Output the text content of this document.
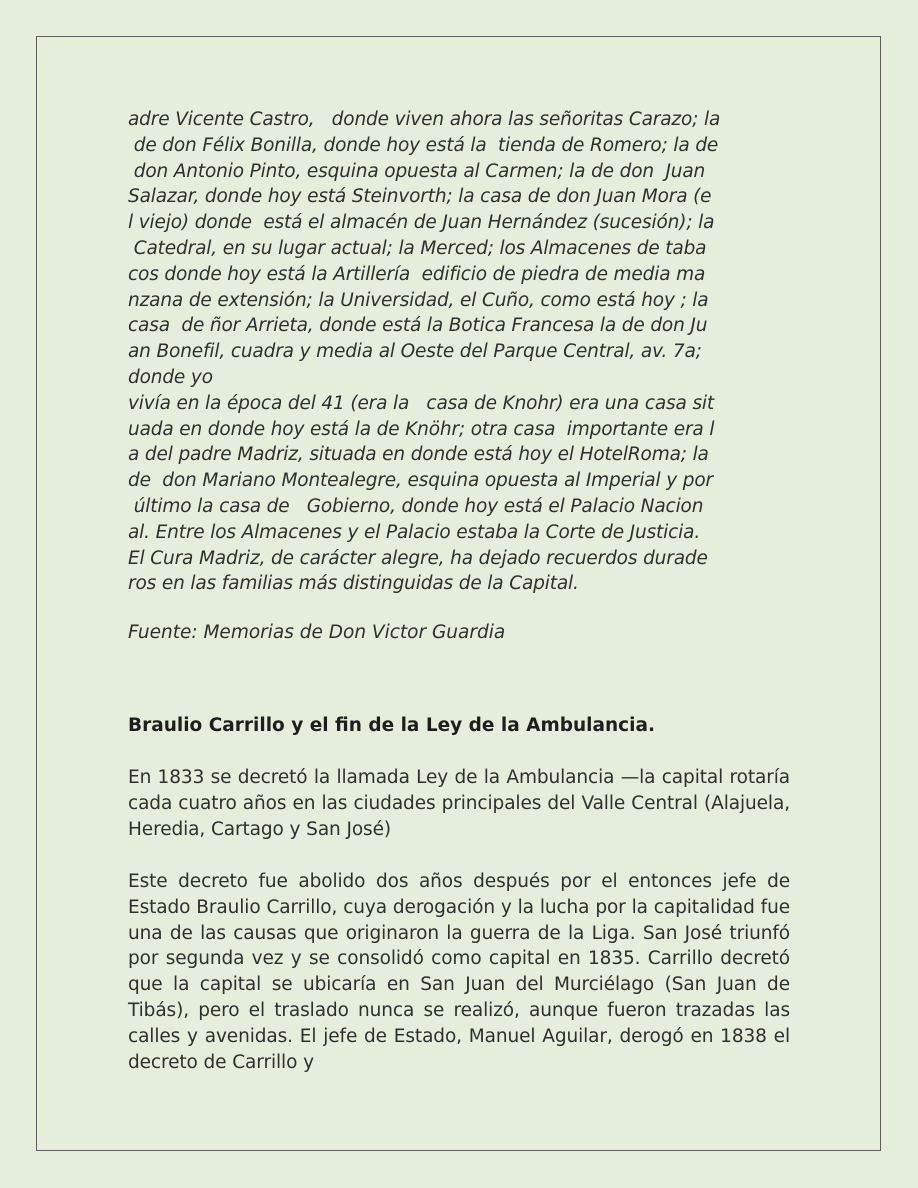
adre Vicente Castro,   donde viven ahora las señoritas Carazo; la
de don Félix Bonilla, donde hoy está la  tienda de Romero; la de
don Antonio Pinto, esquina opuesta al Carmen; la de don  Juan
Salazar, donde hoy está Steinvorth; la casa de don Juan Mora (e
l viejo) donde  está el almacén de Juan Hernández (sucesión); la
Catedral, en su lugar actual; la Merced; los Almacenes de taba
cos donde hoy está la Artillería  edificio de piedra de media ma
nzana de extensión; la Universidad, el Cuño, como está hoy ; la
casa  de ñor Arrieta, donde está la Botica Francesa la de don Ju
an Bonefil, cuadra y media al Oeste del Parque Central, av. 7a;
donde yo
vivía en la época del 41 (era la   casa de Knohr) era una casa sit
uada en donde hoy está la de Knöhr; otra casa  importante era l
a del padre Madriz, situada en donde está hoy el HotelRoma; la
de  don Mariano Montealegre, esquina opuesta al Imperial y por
último la casa de   Gobierno, donde hoy está el Palacio Nacion
al. Entre los Almacenes y el Palacio estaba la Corte de Justicia.
El Cura Madriz, de carácter alegre, ha dejado recuerdos durade
ros en las familias más distinguidas de la Capital.
Fuente: Memorias de Don Victor Guardia
Braulio Carrillo y el fin de la Ley de la Ambulancia.
En 1833 se decretó la llamada Ley de la Ambulancia —la capital rotaría cada cuatro años en las ciudades principales del Valle Central (Alajuela, Heredia, Cartago y San José)
Este decreto fue abolido dos años después por el entonces jefe de Estado Braulio Carrillo, cuya derogación y la lucha por la capitalidad fue una de las causas que originaron la guerra de la Liga. San José triunfó por segunda vez y se consolidó como capital en 1835. Carrillo decretó que la capital se ubicaría en San Juan del Murciélago (San Juan de Tibás), pero el traslado nunca se realizó, aunque fueron trazadas las calles y avenidas. El jefe de Estado, Manuel Aguilar, derogó en 1838 el decreto de Carrillo y
